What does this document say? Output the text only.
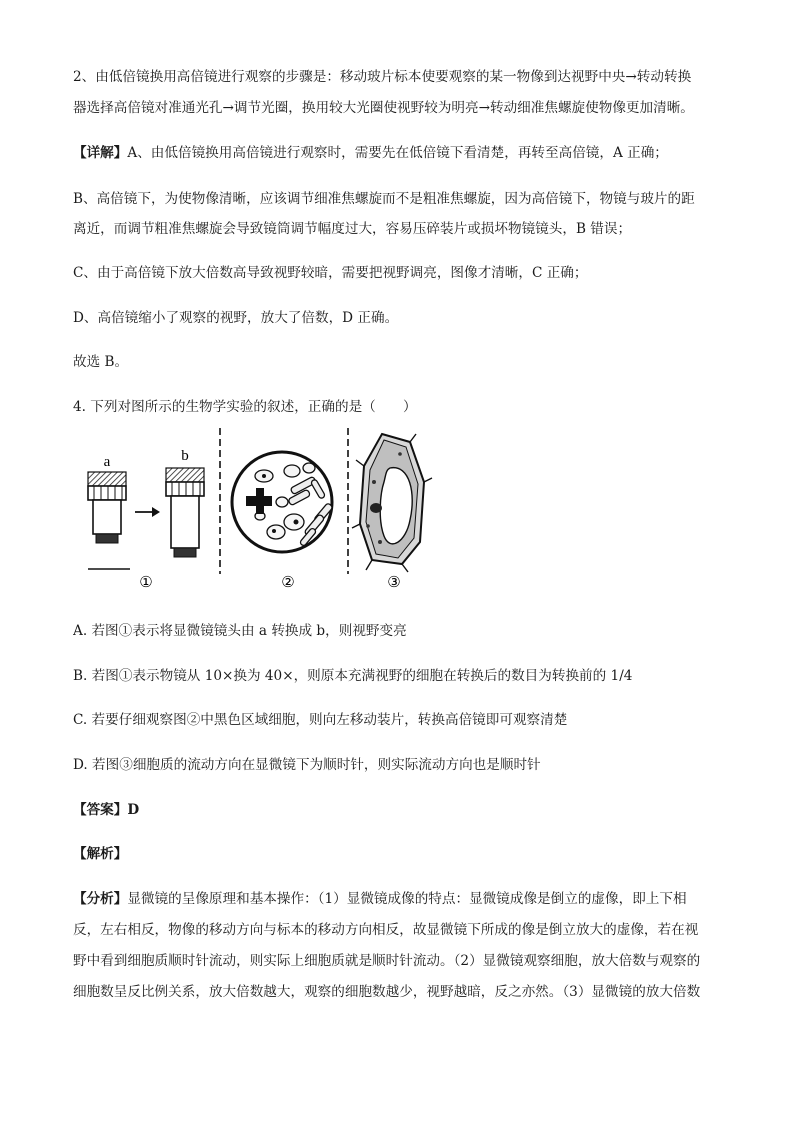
2、由低倍镜换用高倍镜进行观察的步骤是：移动玻片标本使要观察的某一物像到达视野中央→转动转换
器选择高倍镜对准通光孔→调节光圈，换用较大光圈使视野较为明亮→转动细准焦螺旋使物像更加清晰。
【详解】A、由低倍镜换用高倍镜进行观察时，需要先在低倍镜下看清楚，再转至高倍镜，A 正确；
B、高倍镜下，为使物像清晰，应该调节细准焦螺旋而不是粗准焦螺旋，因为高倍镜下，物镜与玻片的距
离近，而调节粗准焦螺旋会导致镜筒调节幅度过大，容易压碎装片或损坏物镜镜头，B 错误；
C、由于高倍镜下放大倍数高导致视野较暗，需要把视野调亮，图像才清晰，C 正确；
D、高倍镜缩小了观察的视野，放大了倍数，D 正确。
故选 B。
4. 下列对图所示的生物学实验的叙述，正确的是（　　）
a	b
①	②	③
A. 若图①表示将显微镜镜头由 a 转换成 b，则视野变亮
B. 若图①表示物镜从 10×换为 40×，则原本充满视野的细胞在转换后的数目为转换前的 1/4
C. 若要仔细观察图②中黑色区域细胞，则向左移动装片，转换高倍镜即可观察清楚
D. 若图③细胞质的流动方向在显微镜下为顺时针，则实际流动方向也是顺时针
【答案】D
【解析】
【分析】显微镜的呈像原理和基本操作：（1）显微镜成像的特点：显微镜成像是倒立的虚像，即上下相
反，左右相反，物像的移动方向与标本的移动方向相反，故显微镜下所成的像是倒立放大的虚像，若在视
野中看到细胞质顺时针流动，则实际上细胞质就是顺时针流动。（2）显微镜观察细胞，放大倍数与观察的
细胞数呈反比例关系，放大倍数越大，观察的细胞数越少，视野越暗，反之亦然。（3）显微镜的放大倍数
